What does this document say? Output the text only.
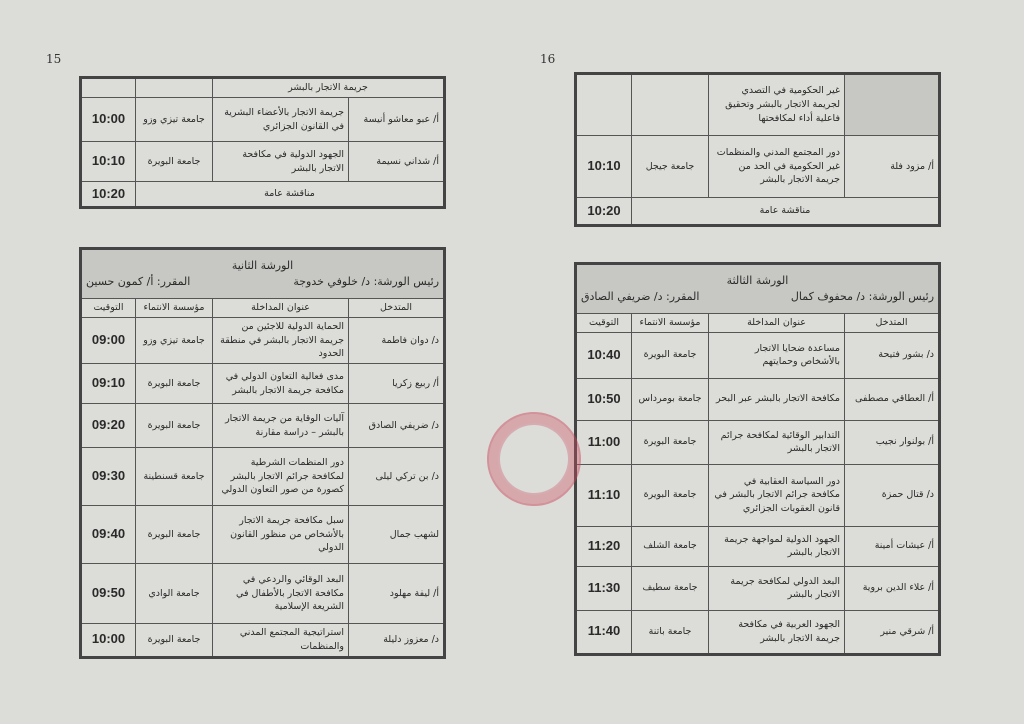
15	16
		جريمة الاتجار بالبشر	
10:00	جامعة تيزي وزو	جريمة الاتجار بالأعضاء البشرية في القانون الجزائري	أ/ عبو معاشو أنيسة
10:10	جامعة البويرة	الجهود الدولية في مكافحة الاتجار بالبشر	أ/ شداني نسيمة
10:20	مناقشة عامة		
الورشة الثانية
رئيس الورشة: د/ خلوفي خدوجة
المقرر: أ/ كمون حسين			

التوقيت	مؤسسة الانتماء	عنوان المداخلة	المتدخل
09:00	جامعة تيزي وزو	الحماية الدولية للاجئين من جريمة الاتجار بالبشر في منطقة الحدود	د/ دوان فاطمة
09:10	جامعة البويرة	مدى فعالية التعاون الدولي في مكافحة جريمة الاتجار بالبشر	أ/ ربيع زكريا
09:20	جامعة البويرة	آليات الوقاية من جريمة الاتجار بالبشر – دراسة مقارنة	د/ ضريفي الصادق
09:30	جامعة قسنطينة	دور المنظمات الشرطية لمكافحة جرائم الاتجار بالبشر كصورة من صور التعاون الدولي	د/ بن تركي ليلى
09:40	جامعة البويرة	سبل مكافحة جريمة الاتجار بالأشخاص من منظور القانون الدولي	لشهب جمال
09:50	جامعة الوادي	البعد الوقائي والردعي في مكافحة الاتجار بالأطفال في الشريعة الإسلامية	أ/ ليفة مهلود
10:00	جامعة البويرة	استراتيجية المجتمع المدني والمنظمات	د/ معزوز دليلة
		غير الحكومية في التصدي لجريمة الاتجار بالبشر وتحقيق فاعلية أداء لمكافحتها	
10:10	جامعة جيجل	دور المجتمع المدني والمنظمات غير الحكومية في الحد من جريمة الاتجار بالبشر	أ/ مزود فلة
10:20	مناقشة عامة		
الورشة الثالثة
رئيس الورشة: د/ محفوف كمال
المقرر: د/ ضريفي الصادق			

التوقيت	مؤسسة الانتماء	عنوان المداخلة	المتدخل
10:40	جامعة البويرة	مساعدة ضحايا الاتجار بالأشخاص وحمايتهم	د/ بشور فتيحة
10:50	جامعة بومرداس	مكافحة الاتجار بالبشر عبر البحر	أ/ العطاقي مصطفى
11:00	جامعة البويرة	التدابير الوقائية لمكافحة جرائم الاتجار بالبشر	أ/ بولنوار نجيب
11:10	جامعة البويرة	دور السياسة العقابية في مكافحة جرائم الاتجار بالبشر في قانون العقوبات الجزائري	د/ قتال حمزة
11:20	جامعة الشلف	الجهود الدولية لمواجهة جريمة الاتجار بالبشر	أ/ عيشات أمينة
11:30	جامعة سطيف	البعد الدولي لمكافحة جريمة الاتجار بالبشر	أ/ علاء الدين بروية
11:40	جامعة باتنة	الجهود العربية في مكافحة جريمة الاتجار بالبشر	أ/ شرقي منير
